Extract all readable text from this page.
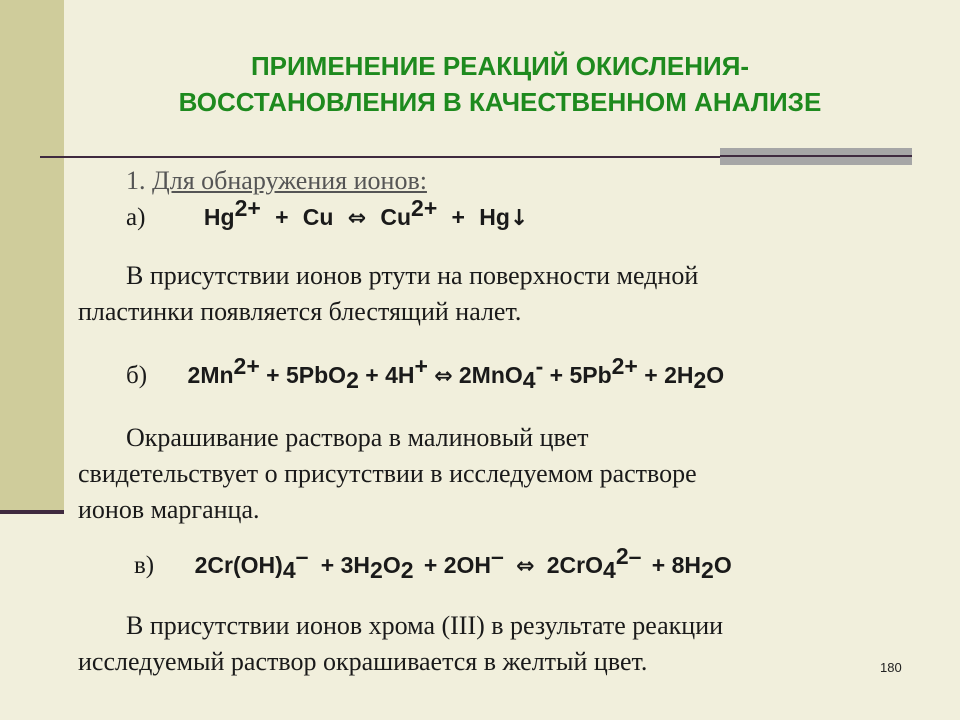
ПРИМЕНЕНИЕ РЕАКЦИЙ ОКИСЛЕНИЯ-
ВОССТАНОВЛЕНИЯ В КАЧЕСТВЕННОМ АНАЛИЗЕ
1. Для обнаружения ионов:
а)	$Hg^{2+} + Cu$ ⇔ $Cu^{2+}$ + Hg↓
В присутствии ионов ртути на поверхности медной
пластинки появляется блестящий налет.
б) $2Mn^{2+} + 5PbO_2 + 4H^+$ ⇔ $2MnO_4^- + 5Pb^{2+} + 2H_2O$
Окрашивание раствора в малиновый цвет
свидетельствует о присутствии в исследуемом растворе
ионов марганца.
в) $2Cr(OH)_4^- + 3H_2O_2 + 2OH^-$ ⇔ $2CrO_4^{2-} + 8H_2O$
В присутствии ионов хрома (III) в результате реакции
исследуемый раствор окрашивается в желтый цвет.	180
